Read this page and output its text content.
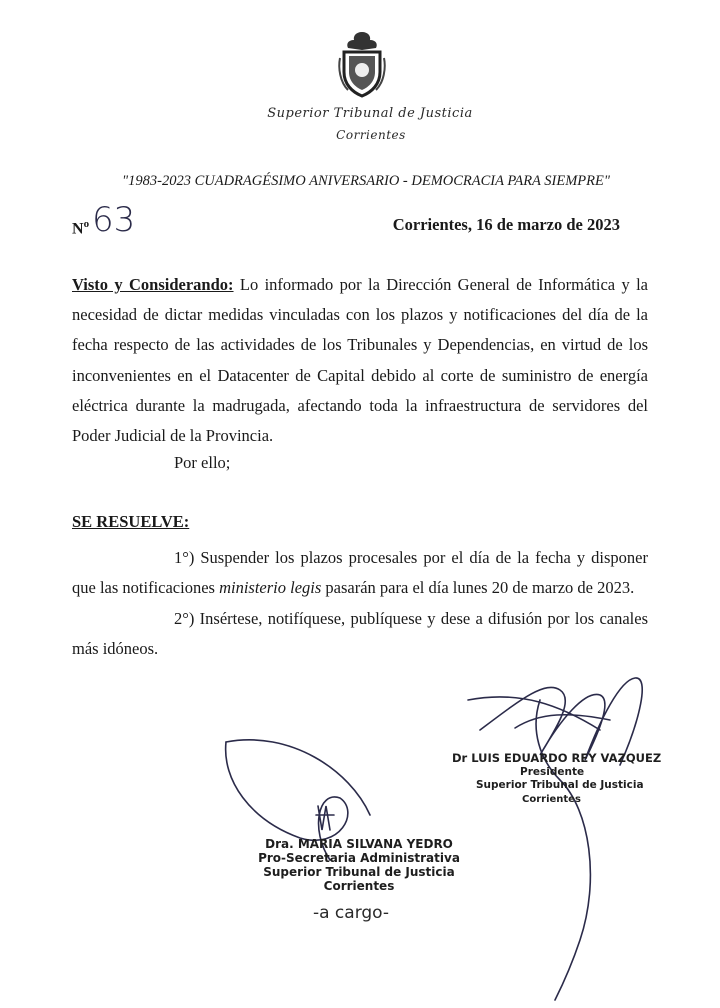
Superior Tribunal de Justicia
Corrientes
"1983-2023 CUADRAGÉSIMO ANIVERSARIO - DEMOCRACIA PARA SIEMPRE"
$N^o$ 63	Corrientes, 16 de marzo de 2023
Visto y Considerando: Lo informado por la Dirección General de Informática y la necesidad de dictar medidas vinculadas con los plazos y notificaciones del día de la fecha respecto de las actividades de los Tribunales y Dependencias, en virtud de los inconvenientes en el Datacenter de Capital debido al corte de suministro de energía eléctrica durante la madrugada, afectando toda la infraestructura de servidores del Poder Judicial de la Provincia.
Por ello;
SE RESUELVE:
1°) Suspender los plazos procesales por el día de la fecha y disponer que las notificaciones ministerio legis pasarán para el día lunes 20 de marzo de 2023.
2°) Insértese, notifíquese, publíquese y dese a difusión por los canales más idóneos.
Dr LUIS EDUARDO REY VAZQUEZ
Presidente
Superior Tribunal de Justicia
Corrientes
Dra. MARIA SILVANA YEDRO
Pro-Secretaria Administrativa
Superior Tribunal de Justicia
Corrientes
-a cargo-
